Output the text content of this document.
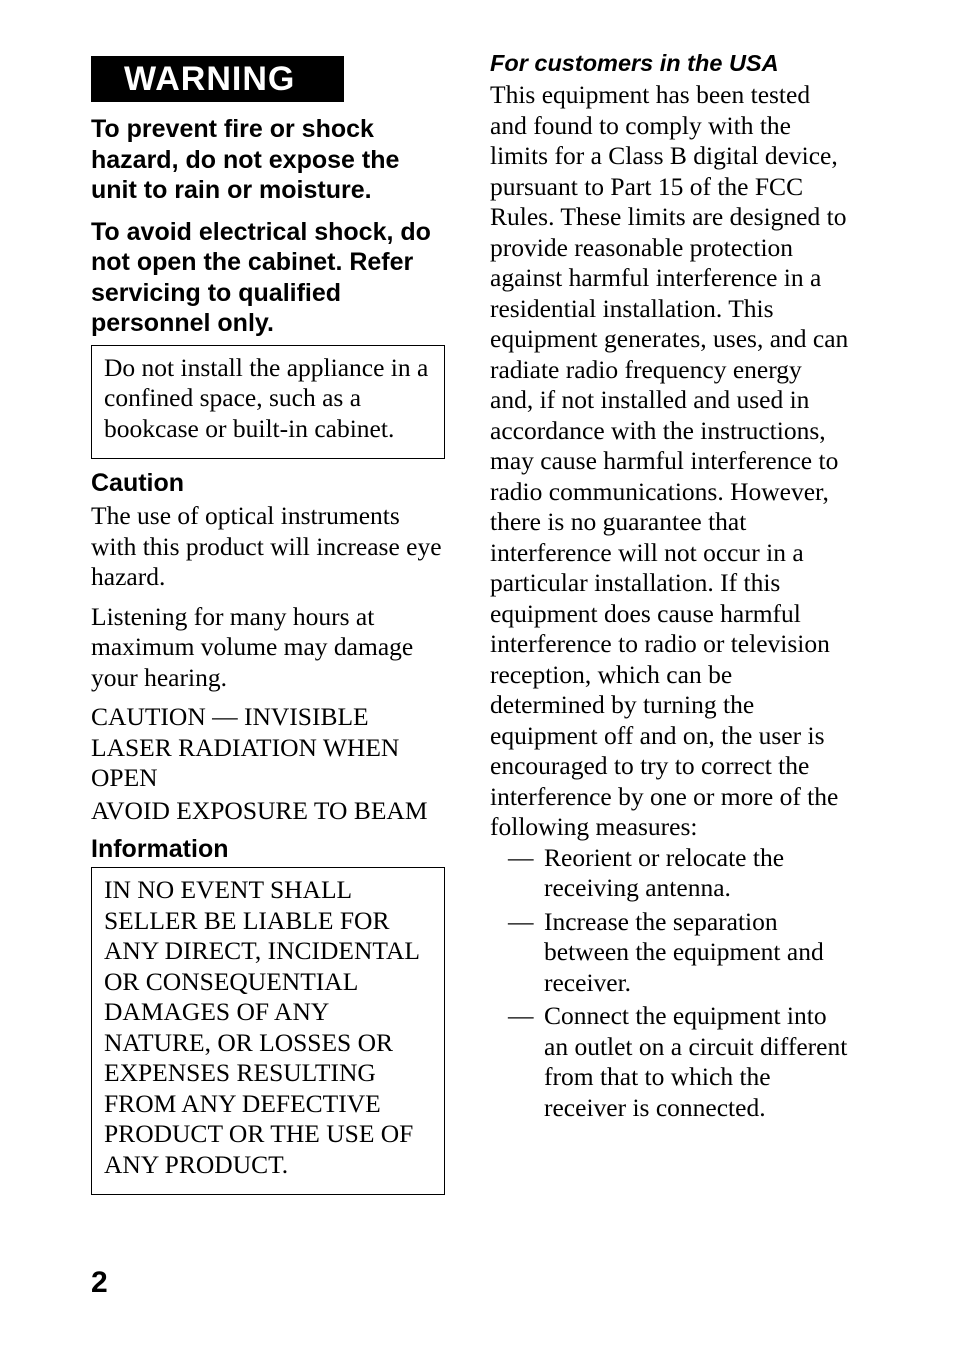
WARNING

To prevent fire or shock hazard, do not expose the unit to rain or moisture.

To avoid electrical shock, do not open the cabinet. Refer servicing to qualified personnel only.

Do not install the appliance in a confined space, such as a bookcase or built-in cabinet.
Caution

The use of optical instruments with this product will increase eye hazard.

Listening for many hours at maximum volume may damage your hearing.

CAUTION — INVISIBLE LASER RADIATION WHEN OPEN

AVOID EXPOSURE TO BEAM

Information
IN NO EVENT SHALL SELLER BE LIABLE FOR ANY DIRECT, INCIDENTAL OR CONSEQUENTIAL DAMAGES OF ANY NATURE, OR LOSSES OR EXPENSES RESULTING FROM ANY DEFECTIVE PRODUCT OR THE USE OF ANY PRODUCT.
2
For customers in the USA

This equipment has been tested and found to comply with the limits for a Class B digital device, pursuant to Part 15 of the FCC Rules. These limits are designed to provide reasonable protection against harmful interference in a residential installation. This equipment generates, uses, and can radiate radio frequency energy and, if not installed and used in accordance with the instructions, may cause harmful interference to radio communications. However, there is no guarantee that interference will not occur in a particular installation. If this equipment does cause harmful interference to radio or television reception, which can be determined by turning the equipment off and on, the user is encouraged to try to correct the interference by one or more of the following measures:

— Reorient or relocate the receiving antenna.
— Increase the separation between the equipment and receiver.
— Connect the equipment into an outlet on a circuit different from that to which the receiver is connected.
